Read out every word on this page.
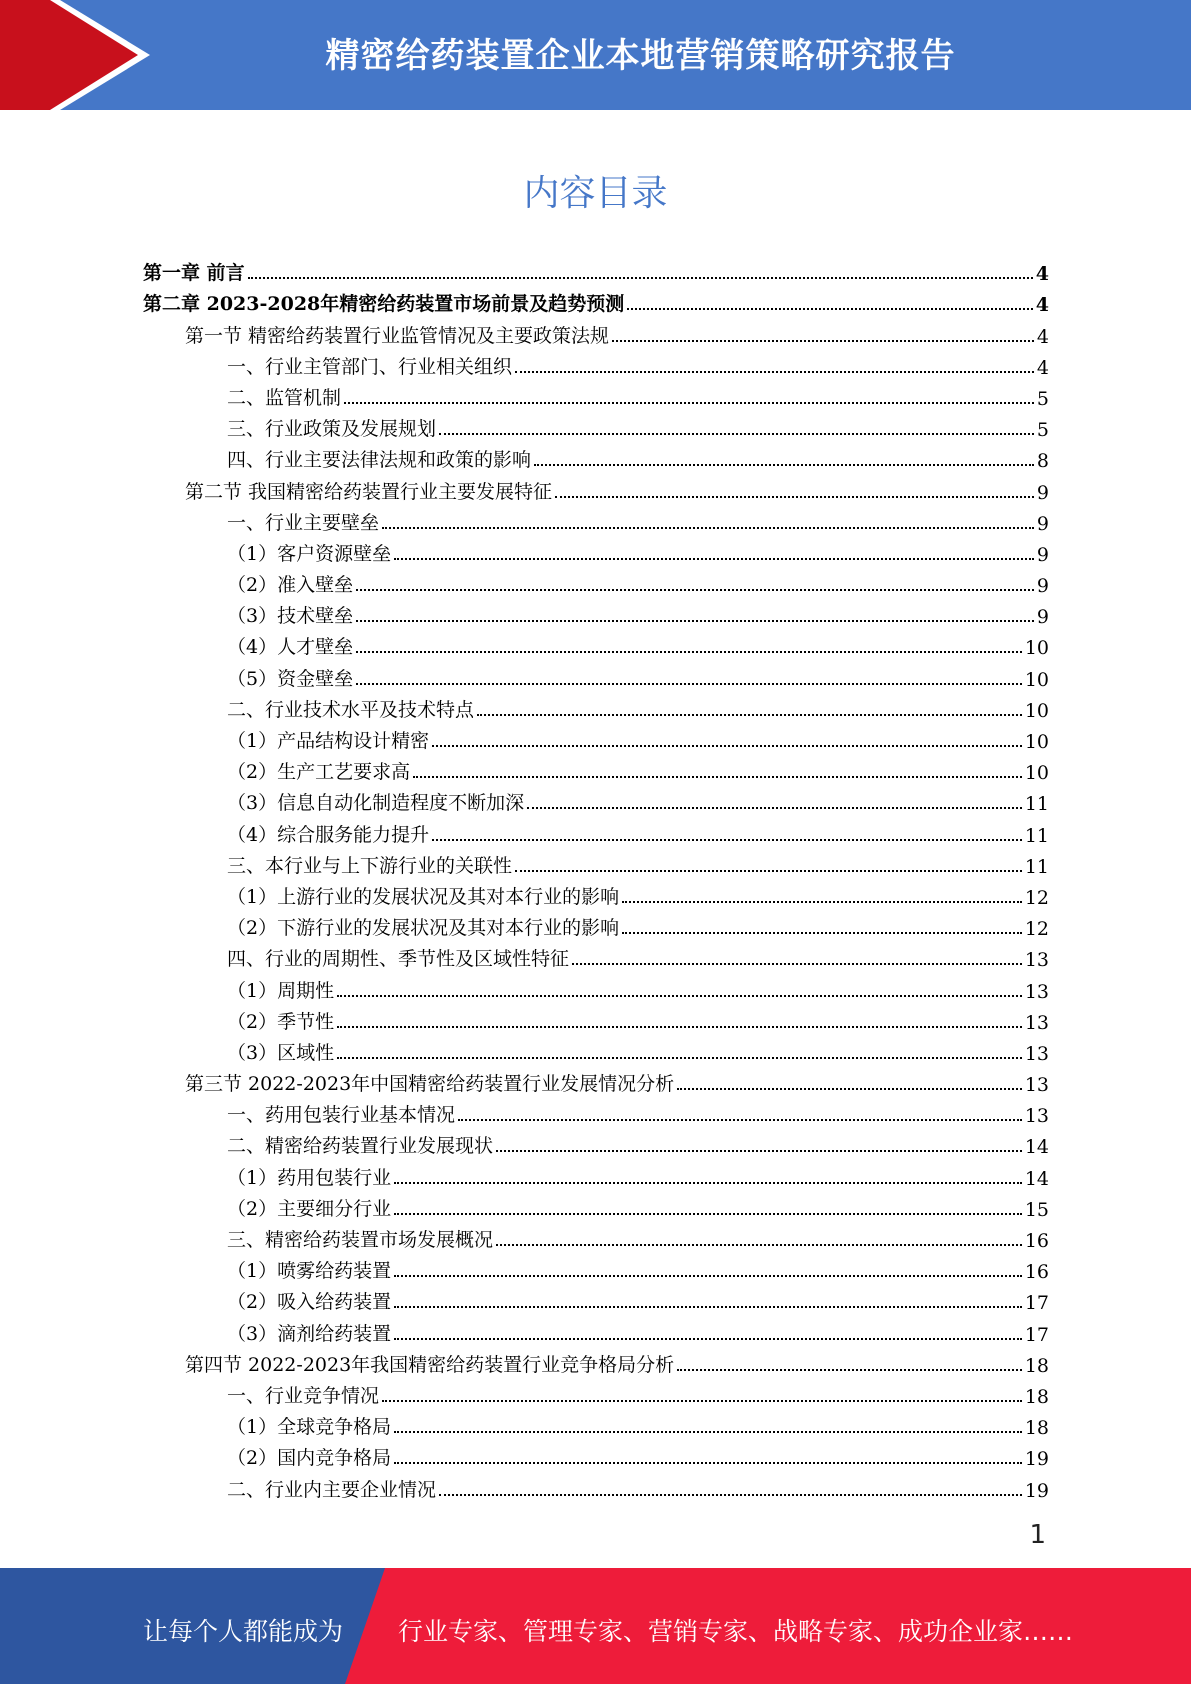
精密给药装置企业本地营销策略研究报告
内容目录
第一章 前言	4
第二章 2023-2028年精密给药装置市场前景及趋势预测	4
第一节 精密给药装置行业监管情况及主要政策法规	4
一、行业主管部门、行业相关组织	4
二、监管机制	5
三、行业政策及发展规划	5
四、行业主要法律法规和政策的影响	8
第二节 我国精密给药装置行业主要发展特征	9
一、行业主要壁垒	9
（1）客户资源壁垒	9
（2）准入壁垒	9
（3）技术壁垒	9
（4）人才壁垒	10
（5）资金壁垒	10
二、行业技术水平及技术特点	10
（1）产品结构设计精密	10
（2）生产工艺要求高	10
（3）信息自动化制造程度不断加深	11
（4）综合服务能力提升	11
三、本行业与上下游行业的关联性	11
（1）上游行业的发展状况及其对本行业的影响	12
（2）下游行业的发展状况及其对本行业的影响	12
四、行业的周期性、季节性及区域性特征	13
（1）周期性	13
（2）季节性	13
（3）区域性	13
第三节 2022-2023年中国精密给药装置行业发展情况分析	13
一、药用包装行业基本情况	13
二、精密给药装置行业发展现状	14
（1）药用包装行业	14
（2）主要细分行业	15
三、精密给药装置市场发展概况	16
（1）喷雾给药装置	16
（2）吸入给药装置	17
（3）滴剂给药装置	17
第四节 2022-2023年我国精密给药装置行业竞争格局分析	18
一、行业竞争情况	18
（1）全球竞争格局	18
（2）国内竞争格局	19
二、行业内主要企业情况	19
1
让每个人都能成为 行业专家、管理专家、营销专家、战略专家、成功企业家……
